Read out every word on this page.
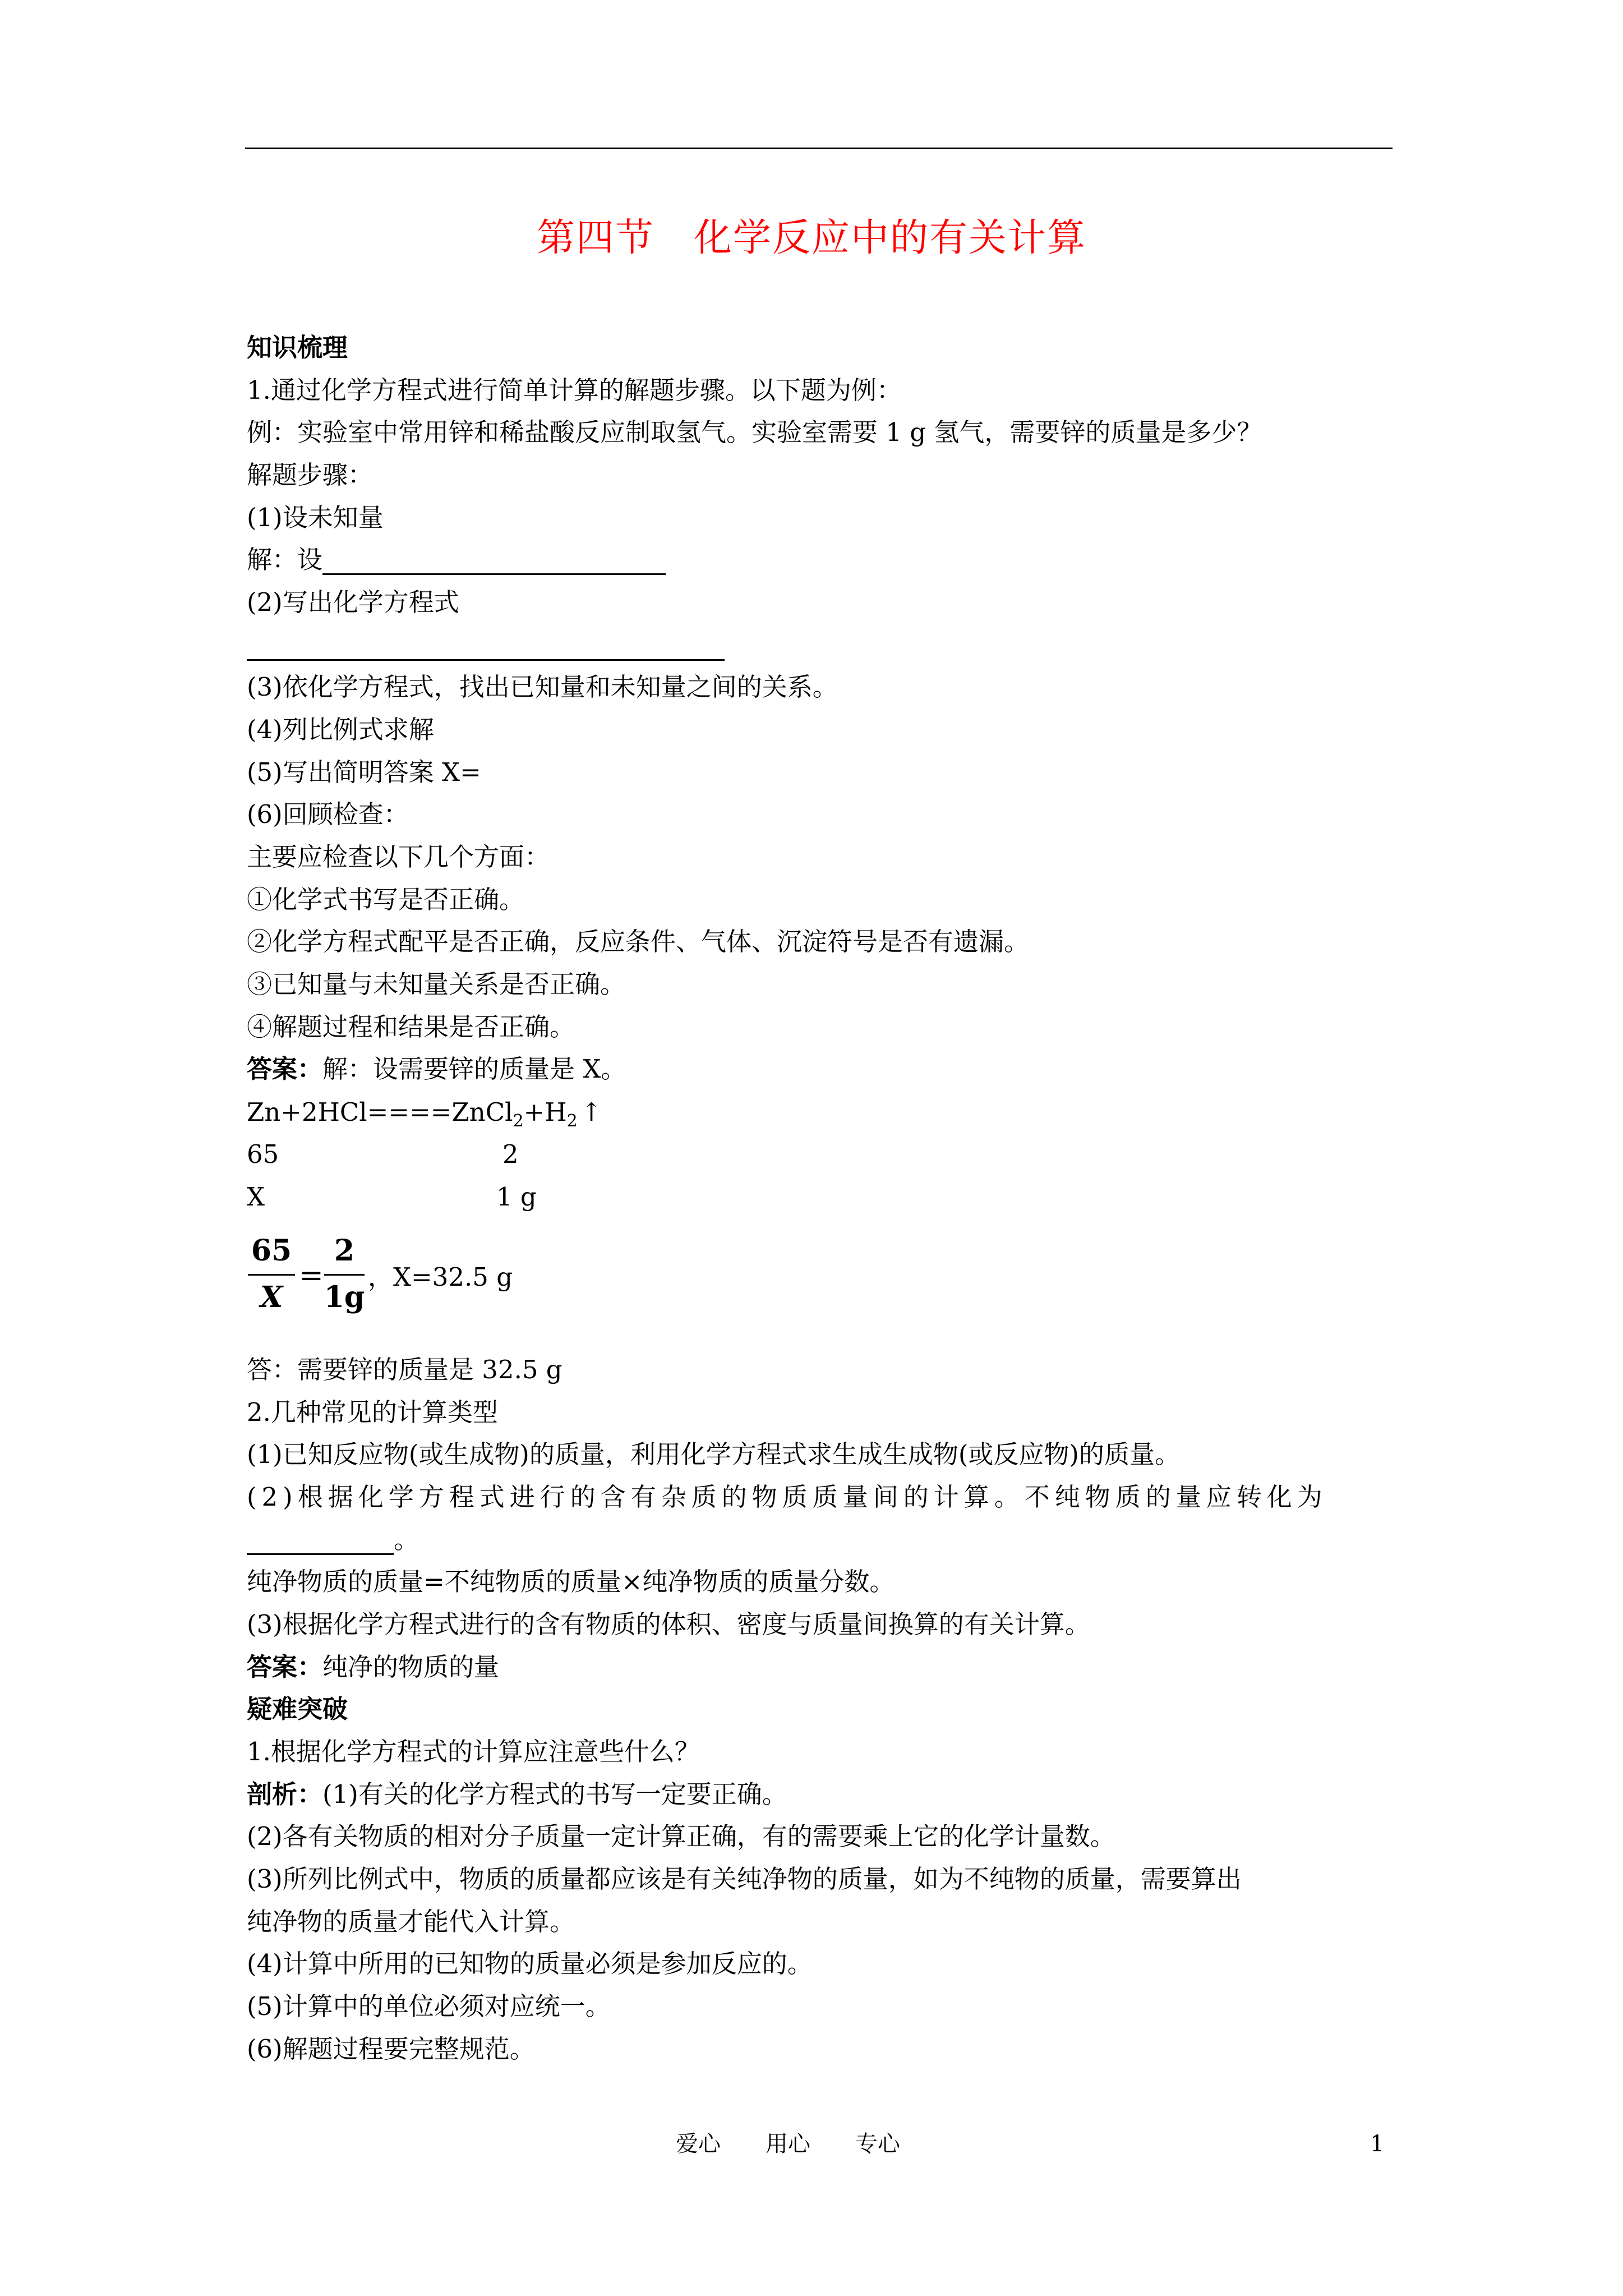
第四节　化学反应中的有关计算
知识梳理
1.通过化学方程式进行简单计算的解题步骤。以下题为例：
例：实验室中常用锌和稀盐酸反应制取氢气。实验室需要 1 g 氢气，需要锌的质量是多少？
解题步骤：
(1)设未知量
解：设
(2)写出化学方程式
(3)依化学方程式，找出已知量和未知量之间的关系。
(4)列比例式求解
(5)写出简明答案 X=
(6)回顾检查：
主要应检查以下几个方面：
①化学式书写是否正确。
②化学方程式配平是否正确，反应条件、气体、沉淀符号是否有遗漏。
③已知量与未知量关系是否正确。
④解题过程和结果是否正确。
答案：解：设需要锌的质量是 X。
$Zn+2HCl====ZnCl_2+H_2$ ↑
65	2
X	1 g
65
X
=
2
1g
，X=32.5 g
答：需要锌的质量是 32.5 g
2.几种常见的计算类型
(1)已知反应物(或生成物)的质量，利用化学方程式求生成生成物(或反应物)的质量。
(2)根据化学方程式进行的含有杂质的物质质量间的计算。不纯物质的量应转化为
。
纯净物质的质量=不纯物质的质量×纯净物质的质量分数。
(3)根据化学方程式进行的含有物质的体积、密度与质量间换算的有关计算。
答案：纯净的物质的量
疑难突破
1.根据化学方程式的计算应注意些什么？
剖析：(1)有关的化学方程式的书写一定要正确。
(2)各有关物质的相对分子质量一定计算正确，有的需要乘上它的化学计量数。
(3)所列比例式中，物质的质量都应该是有关纯净物的质量，如为不纯物的质量，需要算出
纯净物的质量才能代入计算。
(4)计算中所用的已知物的质量必须是参加反应的。
(5)计算中的单位必须对应统一。
(6)解题过程要完整规范。
爱心　　用心　　专心	1
